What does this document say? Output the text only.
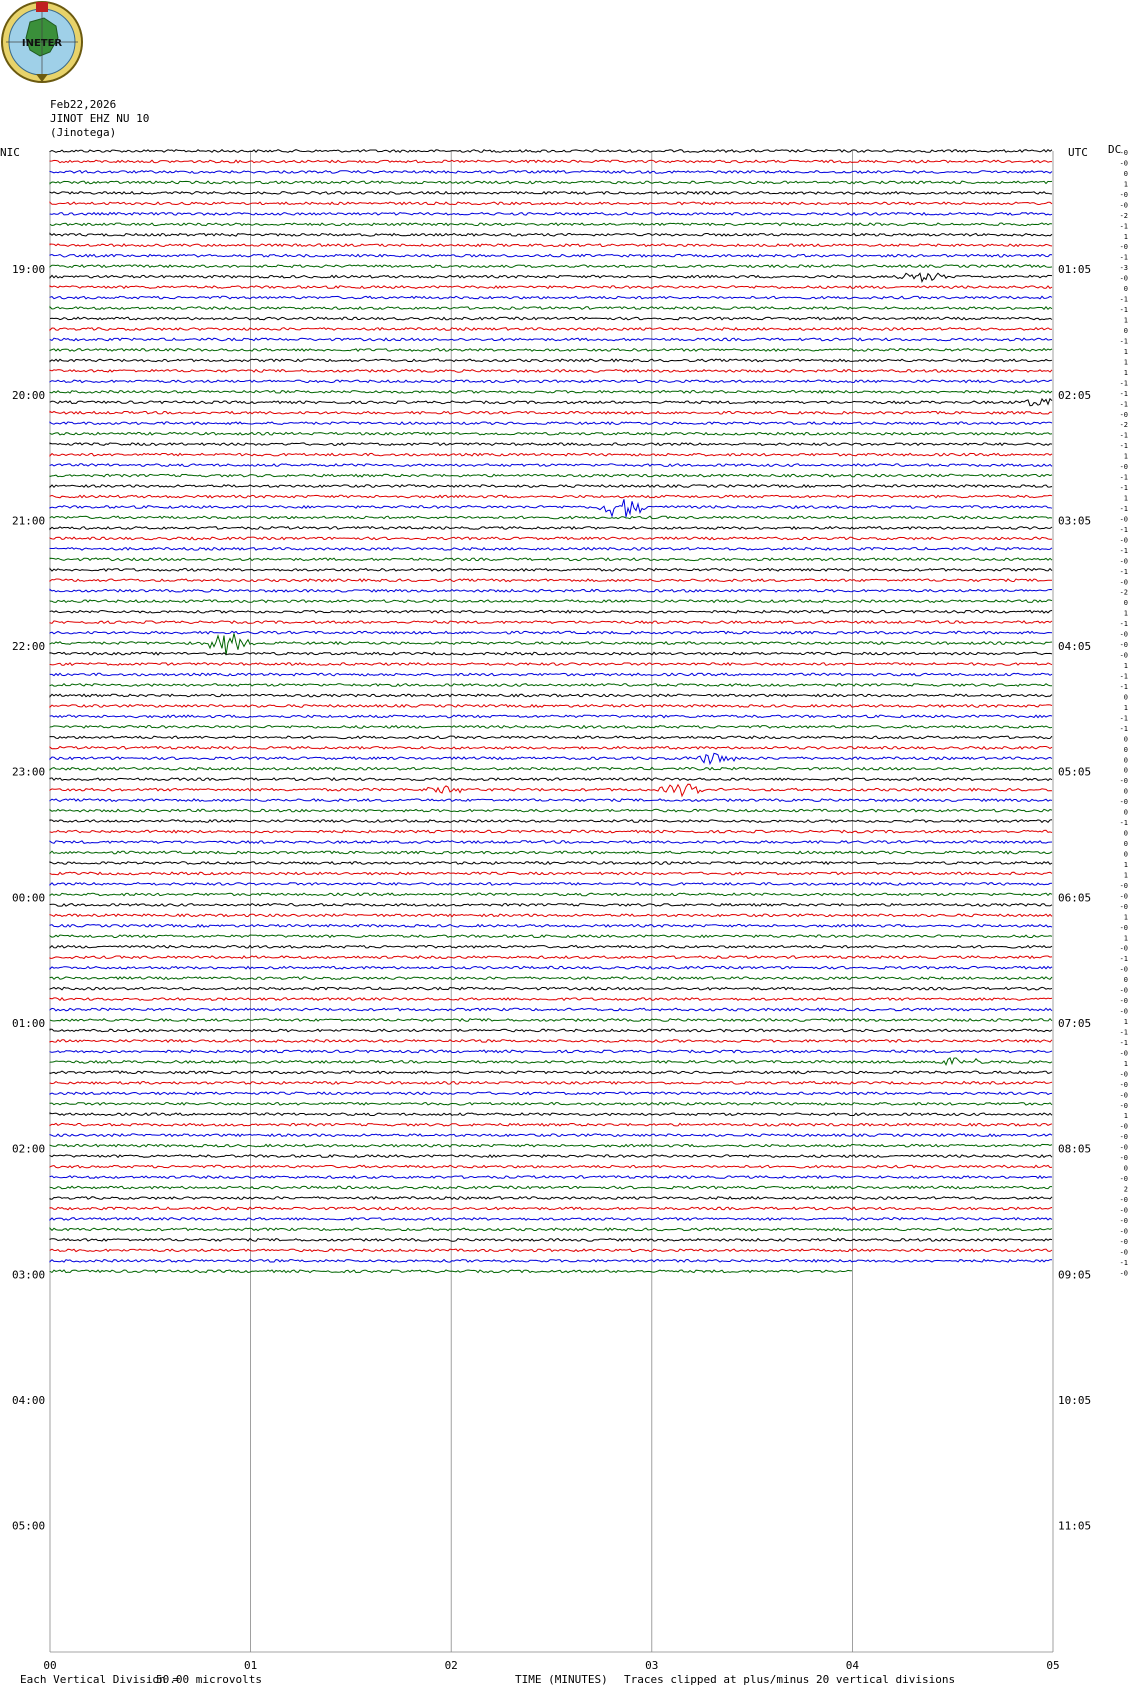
INETER
Feb22,2026
JINOT EHZ NU 10
(Jinotega)
19:00
20:00
21:00
22:00
23:00
00:00
01:00
02:00
03:00
04:00
05:00
01:05
02:05
03:05
04:05
05:05
06:05
07:05
08:05
09:05
10:05
11:05
-0
-0
0
1
-0
-0
-2
-1
1
-0
-1
-3
-0
0
-1
-1
1
0
-1
1
1
1
-1
-1
-1
-0
-2
-1
-1
1
-0
-1
-1
1
-1
-0
-1
-0
-1
-0
-1
-0
-2
0
1
-1
-0
-0
-0
1
-1
-1
0
1
-1
-1
0
0
0
0
-0
0
-0
0
-1
0
0
0
1
1
-0
-0
-0
1
-0
1
-0
-1
-0
0
-0
-0
-0
1
-1
-1
-0
1
-0
-0
-0
-0
1
-0
-0
-0
-0
0
-0
2
-0
-0
-0
-0
-0
-0
-1
-0
00	01	02	03	04	05
NIC	UTC DC
TIME (MINUTES)
Each Vertical Division =
50.00 microvolts	Traces clipped at plus/minus 20 vertical divisions
